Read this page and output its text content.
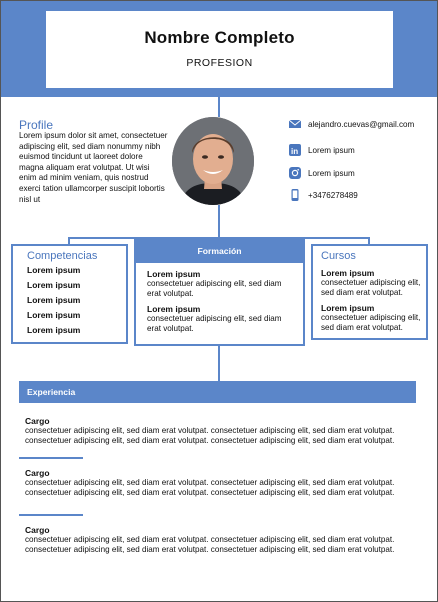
Nombre Completo
PROFESION
Profile
Lorem ipsum dolor sit amet, consectetuer adipiscing elit, sed diam nonummy nibh euismod tincidunt ut laoreet dolore magna aliquam erat volutpat. Ut wisi enim ad minim veniam, quis nostrud exerci tation ullamcorper suscipit lobortis nisl ut
alejandro.cuevas@gmail.com
in Lorem ipsum
Lorem ipsum
+3476278489
Competencias
Lorem ipsum
Lorem ipsum
Lorem ipsum
Lorem ipsum
Lorem ipsum
Formación
Lorem ipsum
consectetuer adipiscing elit, sed diam erat volutpat.
Lorem ipsum
consectetuer adipiscing elit, sed diam erat volutpat.
Cursos
Lorem ipsum
consectetuer adipiscing elit, sed diam erat volutpat.
Lorem ipsum
consectetuer adipiscing elit, sed diam erat volutpat.
Experiencia
Cargo
consectetuer adipiscing elit, sed diam erat volutpat. consectetuer adipiscing elit, sed diam erat volutpat. consectetuer adipiscing elit, sed diam erat volutpat. consectetuer adipiscing elit, sed diam erat volutpat.
Cargo
consectetuer adipiscing elit, sed diam erat volutpat. consectetuer adipiscing elit, sed diam erat volutpat. consectetuer adipiscing elit, sed diam erat volutpat. consectetuer adipiscing elit, sed diam erat volutpat.
Cargo
consectetuer adipiscing elit, sed diam erat volutpat. consectetuer adipiscing elit, sed diam erat volutpat. consectetuer adipiscing elit, sed diam erat volutpat. consectetuer adipiscing elit, sed diam erat volutpat.
